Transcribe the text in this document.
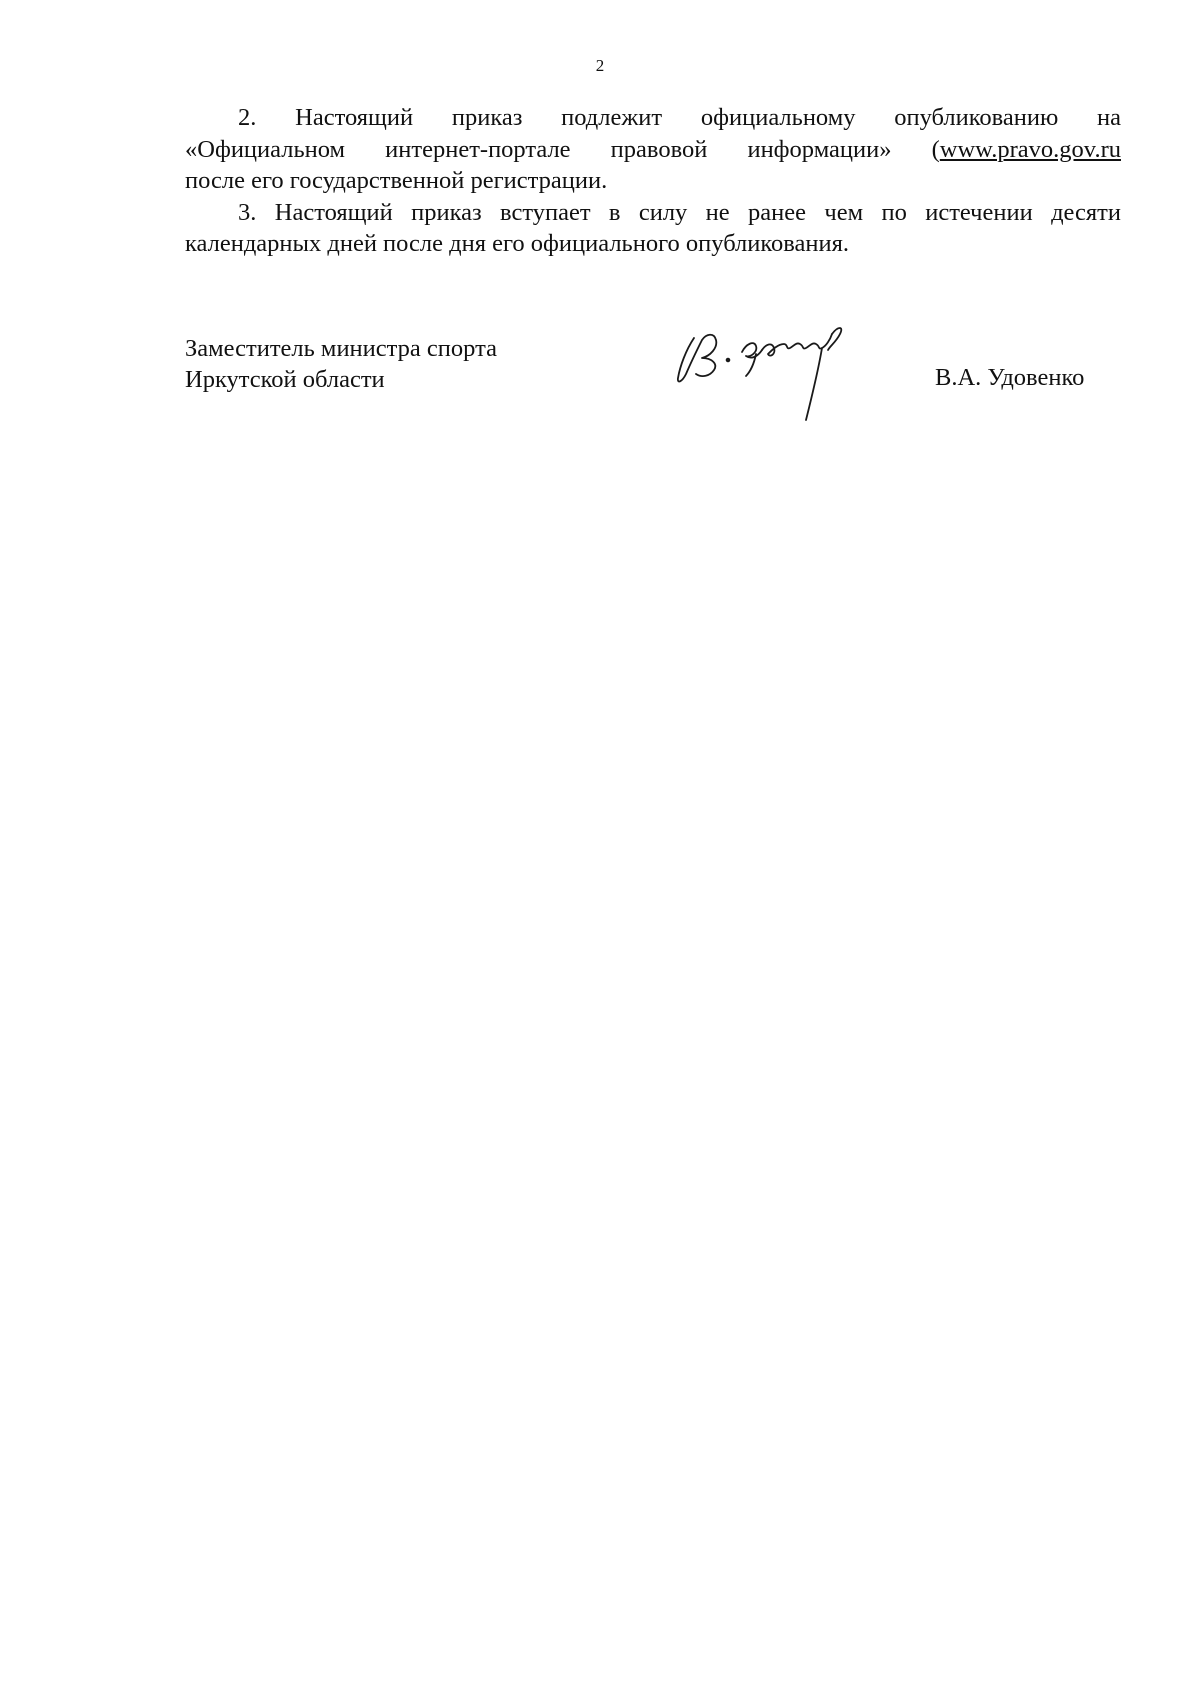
2

2. Настоящий приказ подлежит официальному опубликованию на
«Официальном интернет-портале правовой информации» (www.pravo.gov.ru
после его государственной регистрации.

3. Настоящий приказ вступает в силу не ранее чем по истечении десяти
календарных дней после дня его официального опубликования.

Заместитель министра спорта
Иркутской области	В.А. Удовенко
